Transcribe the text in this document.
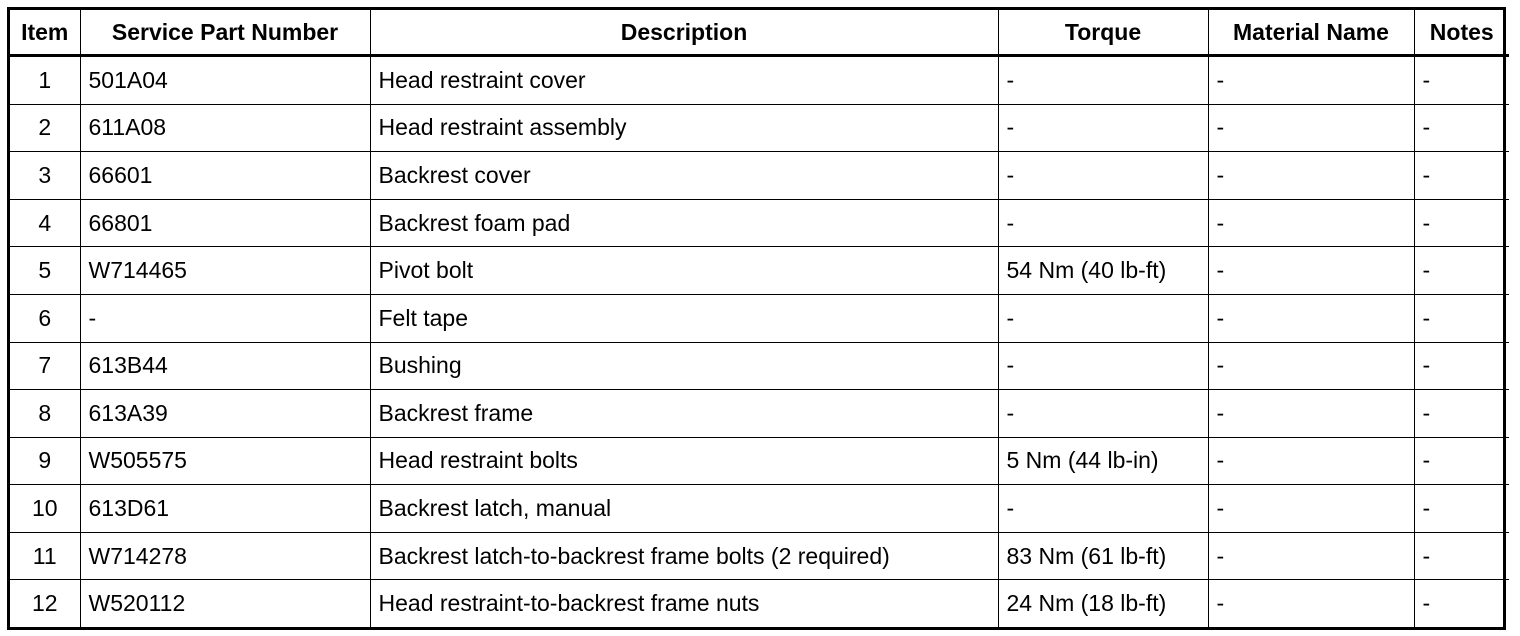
Item	Service Part Number	Description	Torque	Material Name	Notes
1	501A04	Head restraint cover	-	-	-
2	611A08	Head restraint assembly	-	-	-
3	66601	Backrest cover	-	-	-
4	66801	Backrest foam pad	-	-	-
5	W714465	Pivot bolt	54 Nm (40 lb-ft)	-	-
6	-	Felt tape	-	-	-
7	613B44	Bushing	-	-	-
8	613A39	Backrest frame	-	-	-
9	W505575	Head restraint bolts	5 Nm (44 lb-in)	-	-
10	613D61	Backrest latch, manual	-	-	-
11	W714278	Backrest latch-to-backrest frame bolts (2 required)	83 Nm (61 lb-ft)	-	-
12	W520112	Head restraint-to-backrest frame nuts	24 Nm (18 lb-ft)	-	-
